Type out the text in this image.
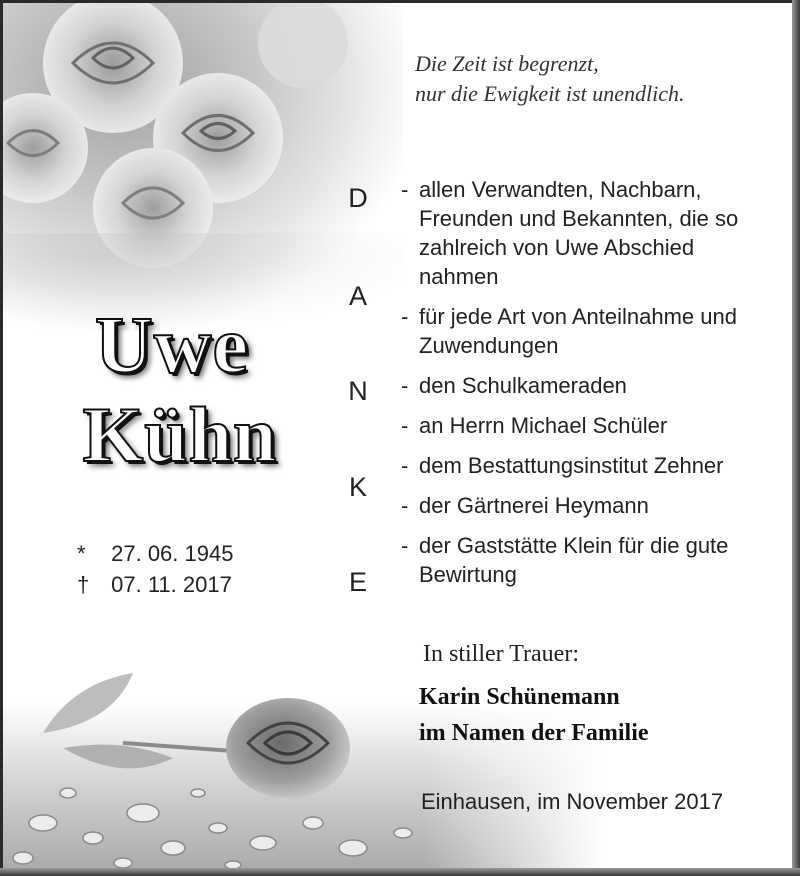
Die Zeit ist begrenzt,
nur die Ewigkeit ist unendlich.
D
A
N
K
E
- allen Verwandten, Nachbarn,
Freunden und Bekannten, die so
zahlreich von Uwe Abschied
nahmen
- für jede Art von Anteilnahme und
Zuwendungen
- den Schulkameraden
- an Herrn Michael Schüler
- dem Bestattungsinstitut Zehner
- der Gärtnerei Heymann
- der Gaststätte Klein für die gute
Bewirtung
Uwe
Kühn
* 27. 06. 1945
† 07. 11. 2017
In stiller Trauer:
Karin Schünemann
im Namen der Familie
Einhausen, im November 2017
